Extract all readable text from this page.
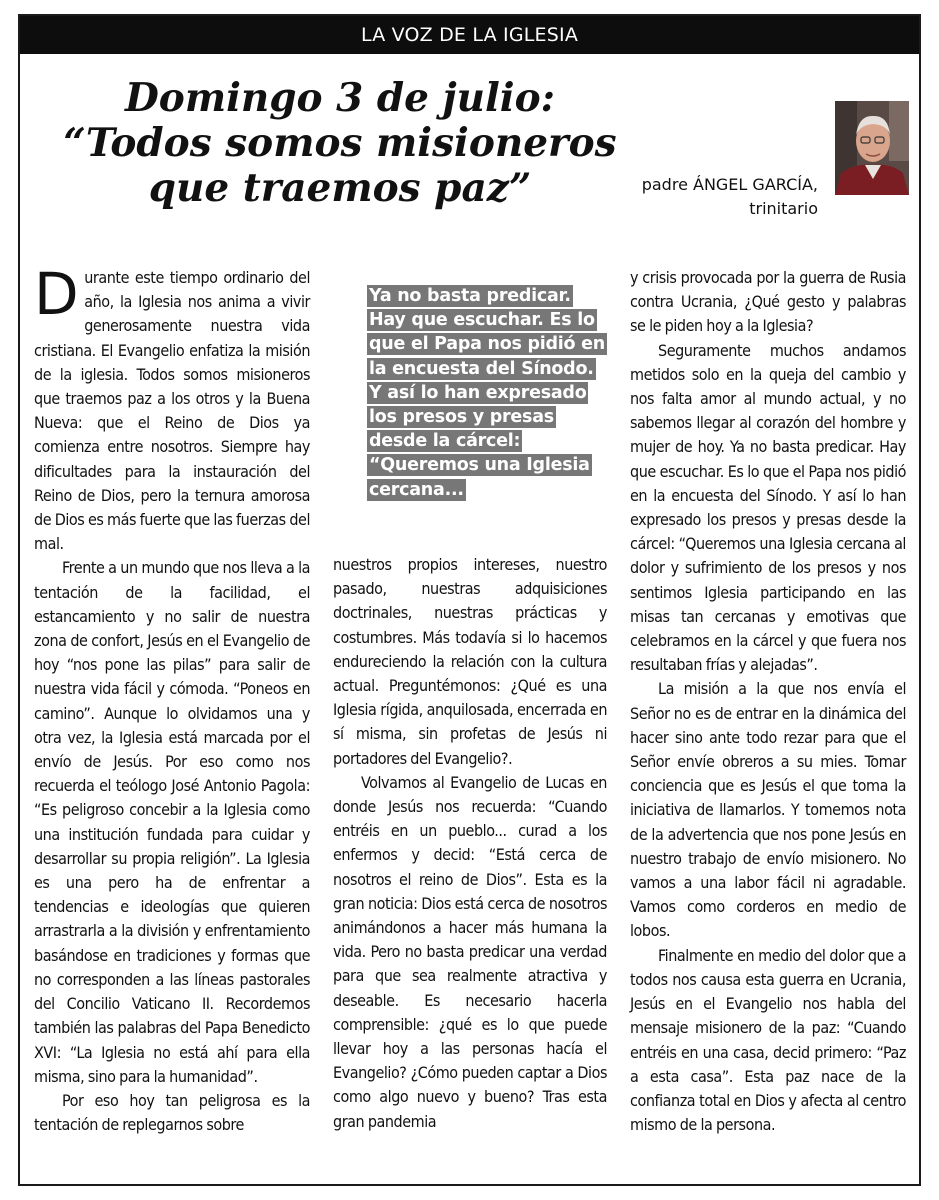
LA VOZ DE LA IGLESIA
Domingo 3 de julio:
“Todos somos misioneros
que traemos paz”	padre ÁNGEL GARCÍA,
trinitario
Ya no basta predicar. Hay que escuchar. Es lo que el Papa nos pidió en la encuesta del Sínodo. Y así lo han expresado los presos y presas desde la cárcel: “Queremos una Iglesia cercana...

Durante este tiempo ordinario del año, la Iglesia nos anima a vivir generosamente nuestra vida cristiana. El Evangelio enfatiza la misión de la iglesia. Todos somos misioneros que traemos paz a los otros y la Buena Nueva: que el Reino de Dios ya comienza entre nosotros. Siempre hay dificultades para la instauración del Reino de Dios, pero la ternura amorosa de Dios es más fuerte que las fuerzas del mal.

Frente a un mundo que nos lleva a la tentación de la facilidad, el estancamiento y no salir de nuestra zona de confort, Jesús en el Evangelio de hoy “nos pone las pilas” para salir de nuestra vida fácil y cómoda. “Poneos en camino”. Aunque lo olvidamos una y otra vez, la Iglesia está marcada por el envío de Jesús. Por eso como nos recuerda el teólogo José Antonio Pagola: “Es peligroso concebir a la Iglesia como una institución fundada para cuidar y desarrollar su propia religión”. La Iglesia es una pero ha de enfrentar a tendencias e ideologías que quieren arrastrarla a la división y enfrentamiento basándose en tradiciones y formas que no corresponden a las líneas pastorales del Concilio Vaticano II. Recordemos también las palabras del Papa Benedicto XVI: “La Iglesia no está ahí para ella misma, sino para la humanidad”.

Por eso hoy tan peligrosa es la tentación de replegarnos sobre

nuestros propios intereses, nuestro pasado, nuestras adquisiciones doctrinales, nuestras prácticas y costumbres. Más todavía si lo hacemos endureciendo la relación con la cultura actual. Preguntémonos: ¿Qué es una Iglesia rígida, anquilosada, encerrada en sí misma, sin profetas de Jesús ni portadores del Evangelio?.

Volvamos al Evangelio de Lucas en donde Jesús nos recuerda: “Cuando entréis en un pueblo... curad a los enfermos y decid: “Está cerca de nosotros el reino de Dios”. Esta es la gran noticia: Dios está cerca de nosotros animándonos a hacer más humana la vida. Pero no basta predicar una verdad para que sea realmente atractiva y deseable. Es necesario hacerla comprensible: ¿qué es lo que puede llevar hoy a las personas hacía el Evangelio? ¿Cómo pueden captar a Dios como algo nuevo y bueno? Tras esta gran pandemia

y crisis provocada por la guerra de Rusia contra Ucrania, ¿Qué gesto y palabras se le piden hoy a la Iglesia?

Seguramente muchos andamos metidos solo en la queja del cambio y nos falta amor al mundo actual, y no sabemos llegar al corazón del hombre y mujer de hoy. Ya no basta predicar. Hay que escuchar. Es lo que el Papa nos pidió en la encuesta del Sínodo. Y así lo han expresado los presos y presas desde la cárcel: “Queremos una Iglesia cercana al dolor y sufrimiento de los presos y nos sentimos Iglesia participando en las misas tan cercanas y emotivas que celebramos en la cárcel y que fuera nos resultaban frías y alejadas”.

La misión a la que nos envía el Señor no es de entrar en la dinámica del hacer sino ante todo rezar para que el Señor envíe obreros a su mies. Tomar conciencia que es Jesús el que toma la iniciativa de llamarlos. Y tomemos nota de la advertencia que nos pone Jesús en nuestro trabajo de envío misionero. No vamos a una labor fácil ni agradable. Vamos como corderos en medio de lobos.

Finalmente en medio del dolor que a todos nos causa esta guerra en Ucrania, Jesús en el Evangelio nos habla del mensaje misionero de la paz: “Cuando entréis en una casa, decid primero: “Paz a esta casa”. Esta paz nace de la confianza total en Dios y afecta al centro mismo de la persona.
